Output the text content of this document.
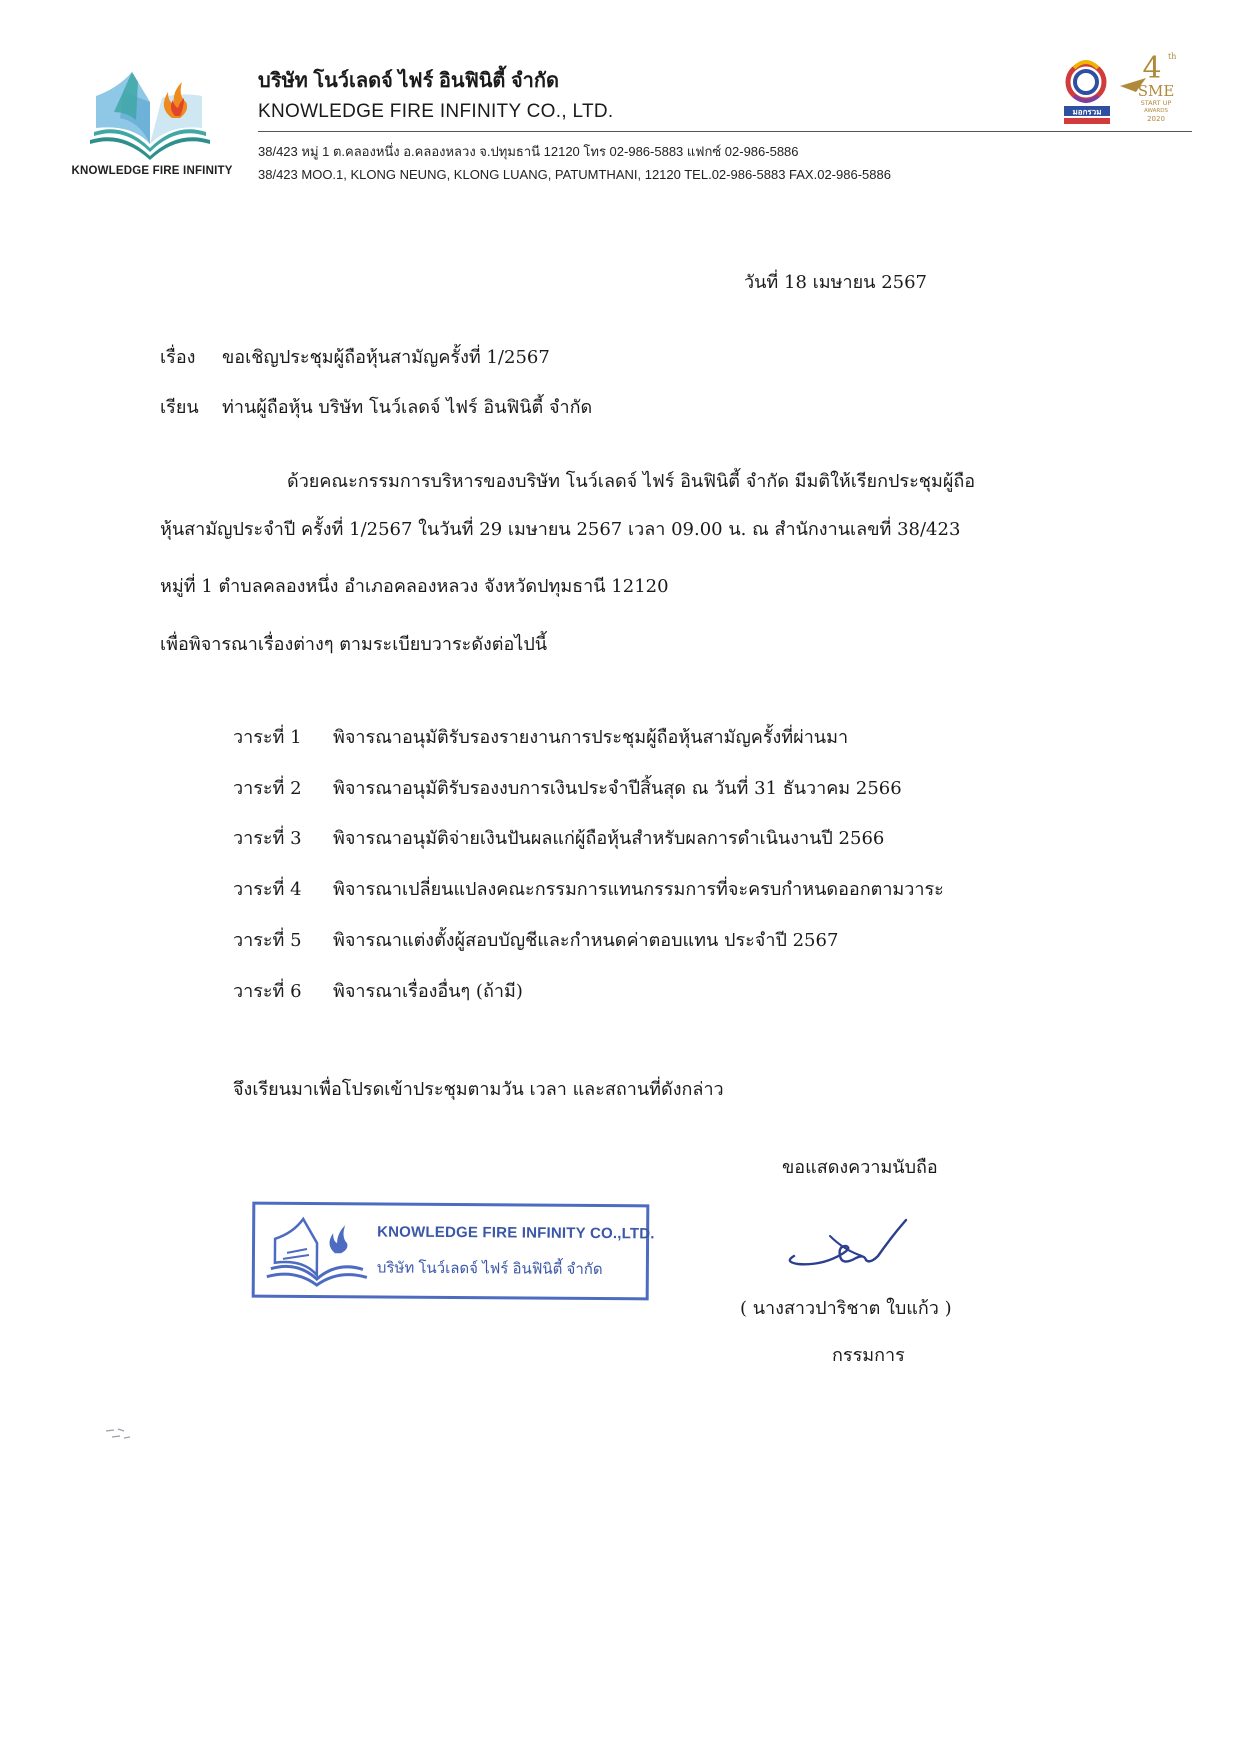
KNOWLEDGE FIRE INFINITY
บริษัท โนว์เลดจ์ ไฟร์ อินฟินิตี้ จำกัด
KNOWLEDGE FIRE INFINITY CO., LTD.
38/423 หมู่ 1 ต.คลองหนึ่ง อ.คลองหลวง จ.ปทุมธานี 12120 โทร 02-986-5883 แฟกซ์ 02-986-5886
38/423 MOO.1, KLONG NEUNG, KLONG LUANG, PATUMTHANI, 12120 TEL.02-986-5883 FAX.02-986-5886
มอกรวม
4 th
SME
START UP
AWARDS
2020
วันที่ 18 เมษายน 2567
เรื่อง ขอเชิญประชุมผู้ถือหุ้นสามัญครั้งที่ 1/2567
เรียน ท่านผู้ถือหุ้น บริษัท โนว์เลดจ์ ไฟร์ อินฟินิตี้ จำกัด
ด้วยคณะกรรมการบริหารของบริษัท โนว์เลดจ์ ไฟร์ อินฟินิตี้ จำกัด มีมติให้เรียกประชุมผู้ถือ
หุ้นสามัญประจำปี ครั้งที่ 1/2567 ในวันที่ 29 เมษายน 2567 เวลา 09.00 น. ณ สำนักงานเลขที่ 38/423
หมู่ที่ 1 ตำบลคลองหนึ่ง อำเภอคลองหลวง จังหวัดปทุมธานี 12120
เพื่อพิจารณาเรื่องต่างๆ ตามระเบียบวาระดังต่อไปนี้
วาระที่ 1 พิจารณาอนุมัติรับรองรายงานการประชุมผู้ถือหุ้นสามัญครั้งที่ผ่านมา
วาระที่ 2 พิจารณาอนุมัติรับรองงบการเงินประจำปีสิ้นสุด ณ วันที่ 31 ธันวาคม 2566
วาระที่ 3 พิจารณาอนุมัติจ่ายเงินปันผลแก่ผู้ถือหุ้นสำหรับผลการดำเนินงานปี 2566
วาระที่ 4 พิจารณาเปลี่ยนแปลงคณะกรรมการแทนกรรมการที่จะครบกำหนดออกตามวาระ
วาระที่ 5 พิจารณาแต่งตั้งผู้สอบบัญชีและกำหนดค่าตอบแทน ประจำปี 2567
วาระที่ 6 พิจารณาเรื่องอื่นๆ (ถ้ามี)
จึงเรียนมาเพื่อโปรดเข้าประชุมตามวัน เวลา และสถานที่ดังกล่าว
ขอแสดงความนับถือ
KNOWLEDGE FIRE INFINITY CO.,LTD.
บริษัท โนว์เลดจ์ ไฟร์ อินฟินิตี้ จำกัด
( นางสาวปาริชาต ใบแก้ว )
กรรมการ
